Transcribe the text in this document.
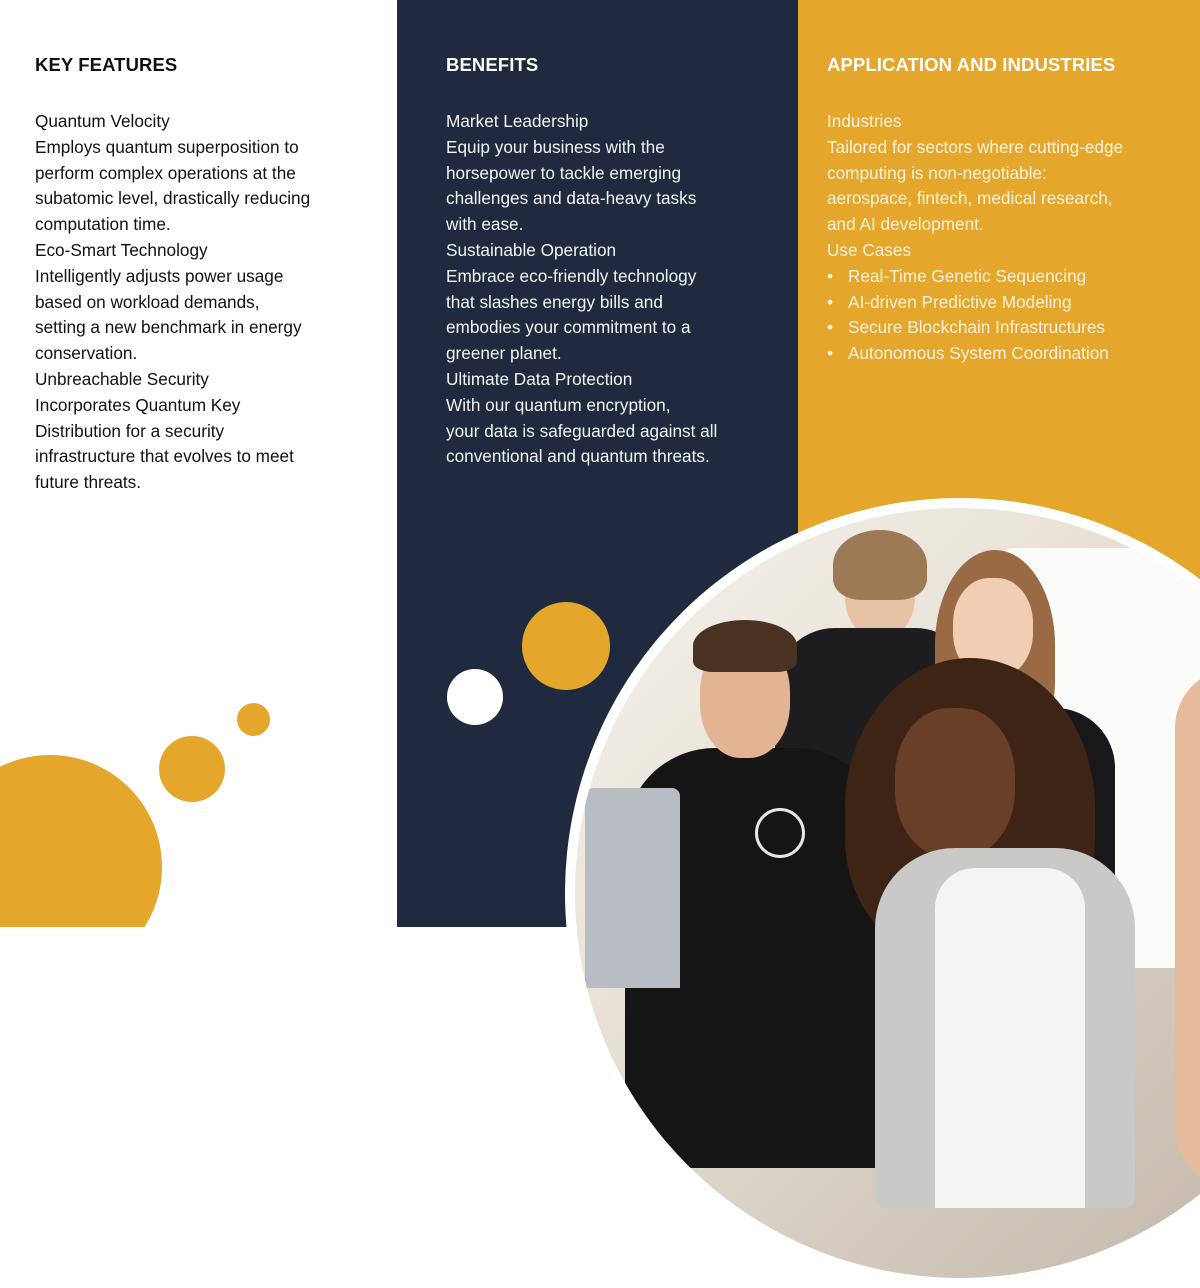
KEY FEATURES
Quantum Velocity
Employs quantum superposition to
perform complex operations at the
subatomic level, drastically reducing
computation time.
Eco-Smart Technology
Intelligently adjusts power usage
based on workload demands,
setting a new benchmark in energy
conservation.
Unbreachable Security
Incorporates Quantum Key
Distribution for a security
infrastructure that evolves to meet
future threats.
BENEFITS
Market Leadership
Equip your business with the
horsepower to tackle emerging
challenges and data-heavy tasks
with ease.
Sustainable Operation
Embrace eco-friendly technology
that slashes energy bills and
embodies your commitment to a
greener planet.
Ultimate Data Protection
With our quantum encryption,
your data is safeguarded against all
conventional and quantum threats.
APPLICATION AND INDUSTRIES
Industries
Tailored for sectors where cutting-edge
computing is non-negotiable:
aerospace, fintech, medical research,
and AI development.
Use Cases
• Real-Time Genetic Sequencing
• AI-driven Predictive Modeling
• Secure Blockchain Infrastructures
• Autonomous System Coordination
